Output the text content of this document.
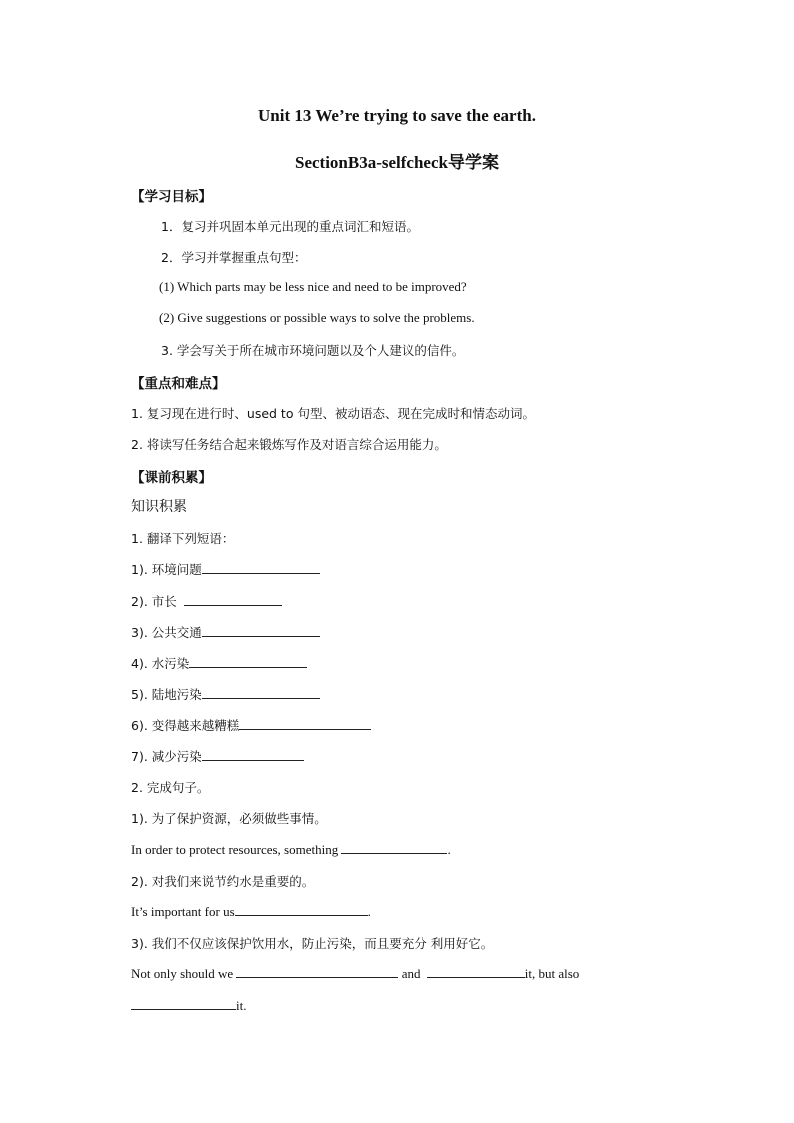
Unit 13 We’re trying to save the earth.
SectionB3a-selfcheck导学案
【学习目标】
1．复习并巩固本单元出现的重点词汇和短语。
2．学习并掌握重点句型：
(1) Which parts may be less nice and need to be improved?
(2) Give suggestions or possible ways to solve the problems.
3. 学会写关于所在城市环境问题以及个人建议的信件。
【重点和难点】
1. 复习现在进行时、used to 句型、被动语态、现在完成时和情态动词。
2. 将读写任务结合起来锻炼写作及对语言综合运用能力。
【课前积累】
知识积累
1. 翻译下列短语：
1). 环境问题
2). 市长
3). 公共交通
4). 水污染
5). 陆地污染
6). 变得越来越糟糕
7). 减少污染
2. 完成句子。
1). 为了保护资源，必须做些事情。
In order to protect resources, something	.
2). 对我们来说节约水是重要的。
It’s important for us	.
3). 我们不仅应该保护饮用水，防止污染，而且要充分 利用好它。
Not only should we	and	it, but also
it.
